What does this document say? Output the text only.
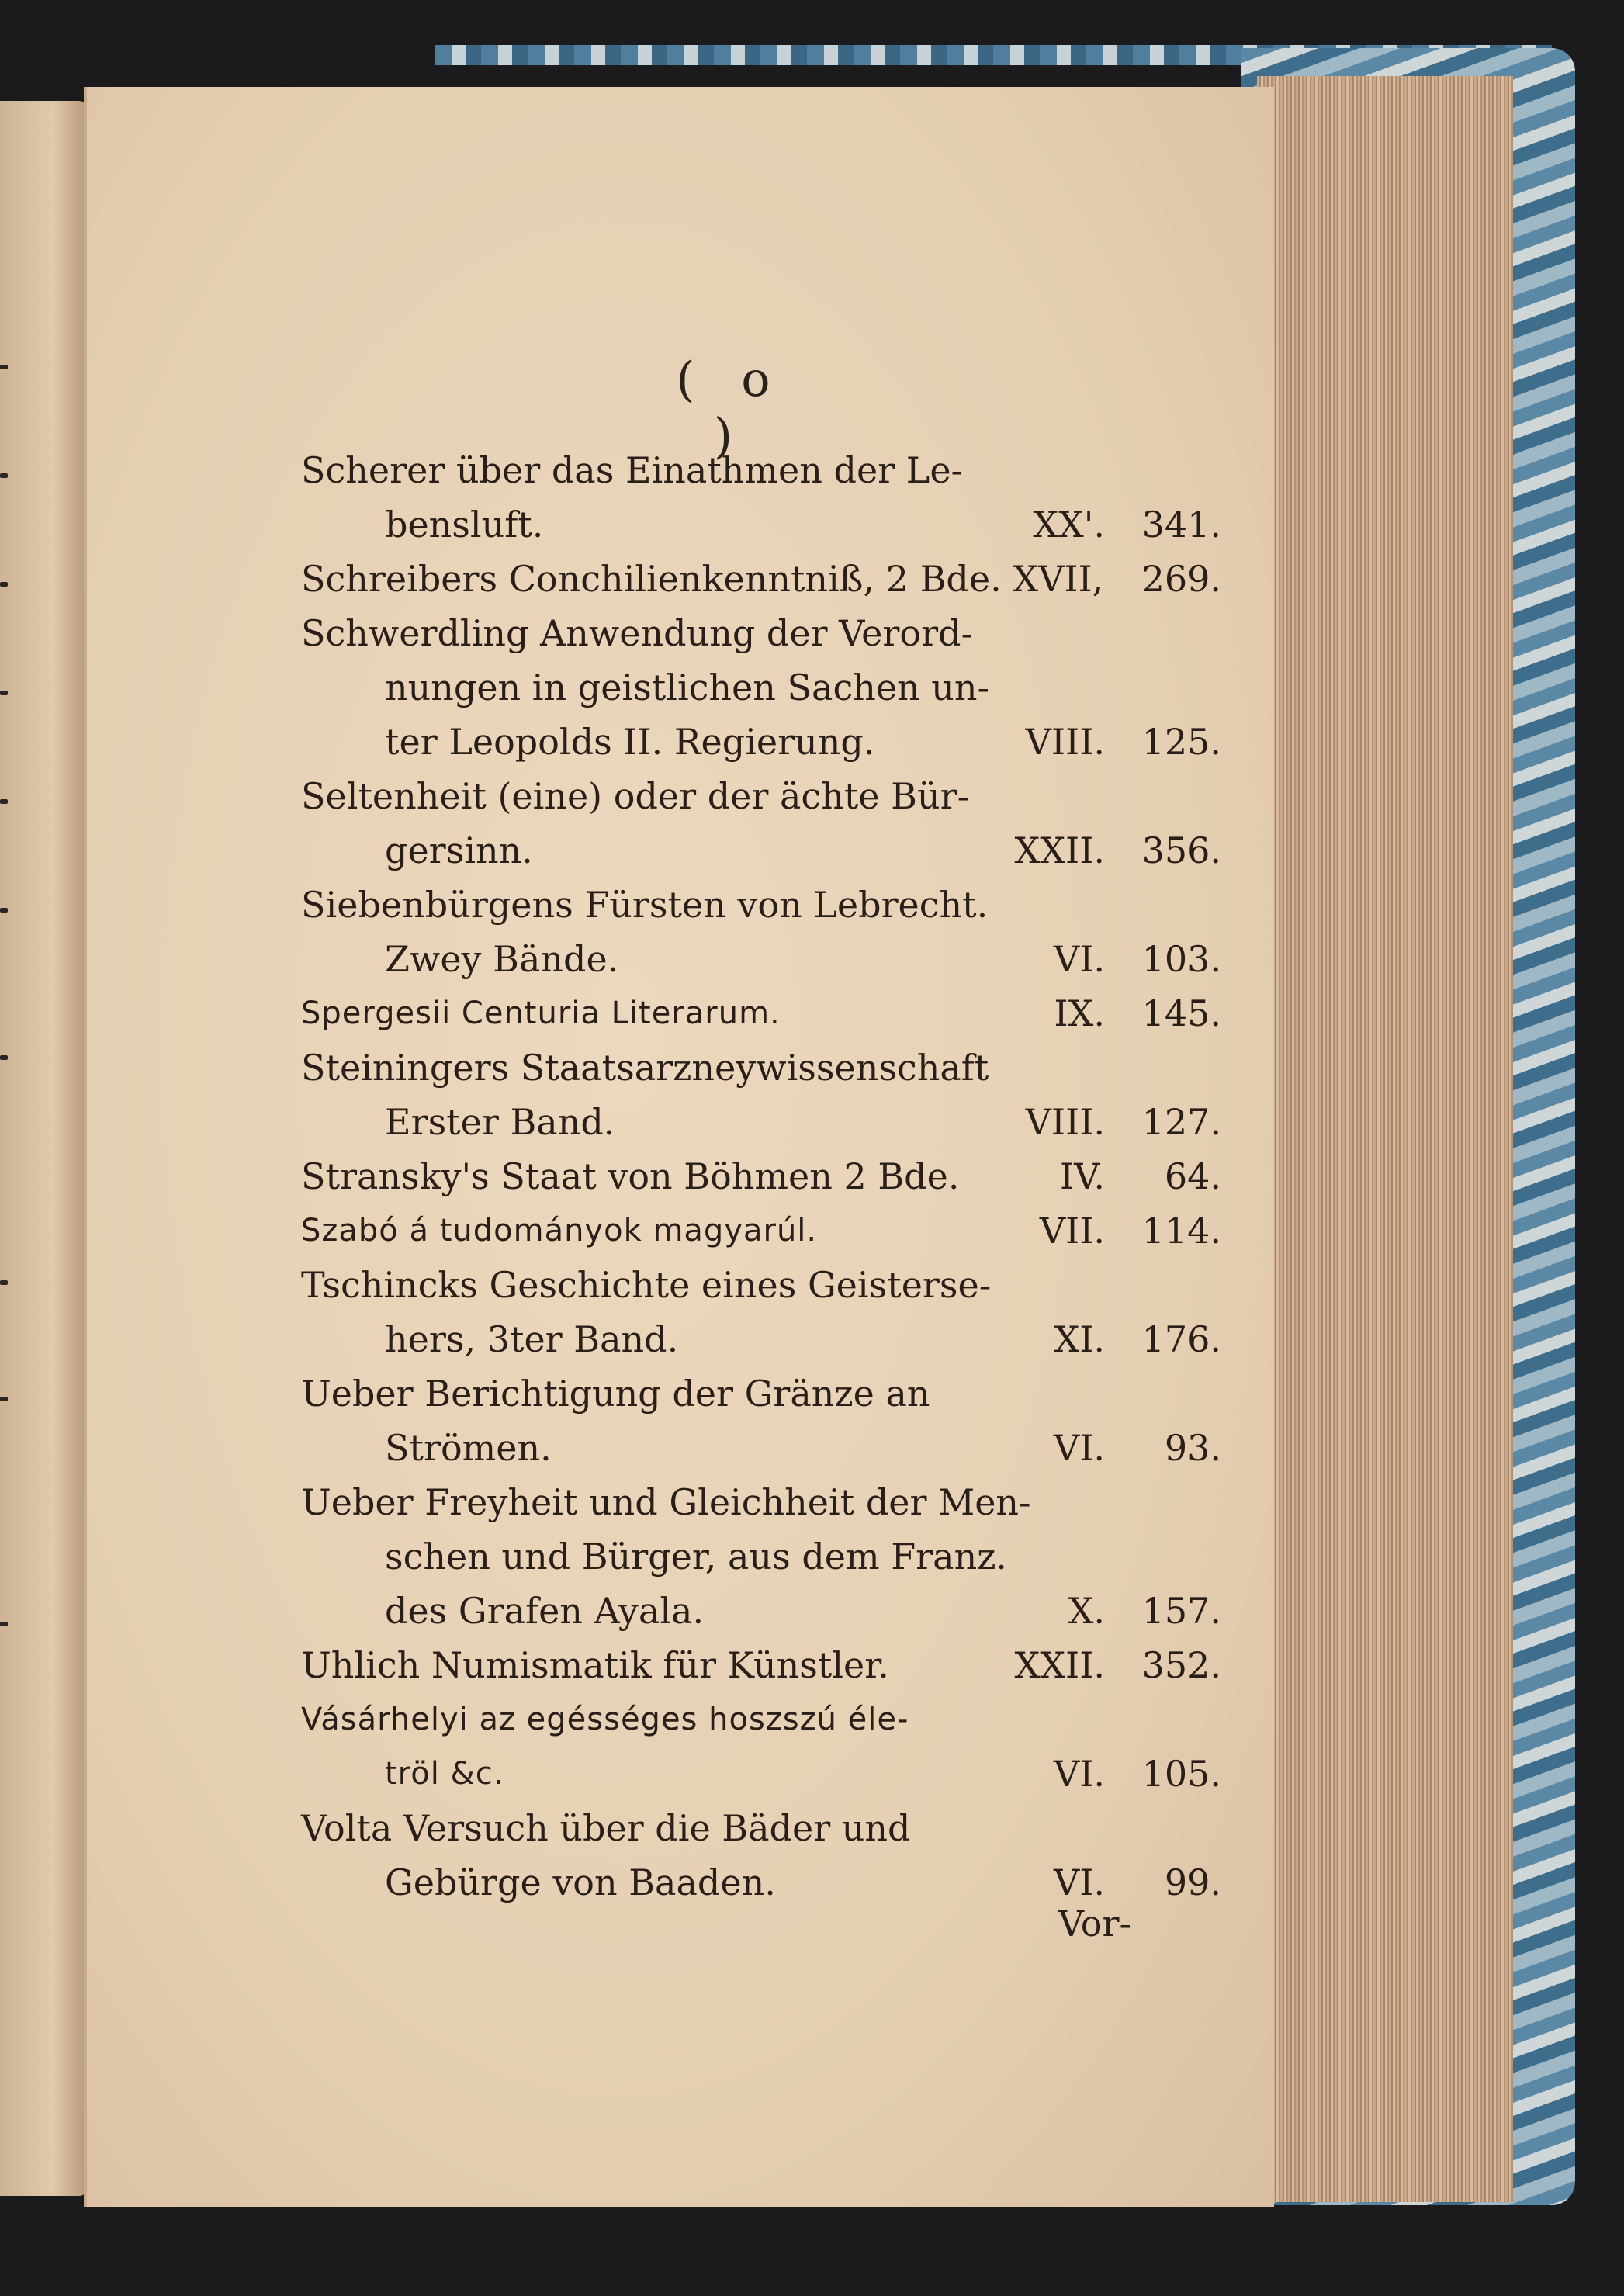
( o )
Scherer über das Einathmen der Le-
bensluft.	XX'.	341.
Schreibers Conchilienkenntniß, 2 Bde. XVII,	269.
Schwerdling Anwendung der Verord-
nungen in geistlichen Sachen un-
ter Leopolds II. Regierung.	VIII.	125.
Seltenheit (eine) oder der ächte Bür-
gersinn.	XXII.	356.
Siebenbürgens Fürsten von Lebrecht.
Zwey Bände.	VI.	103.
Spergesii Centuria Literarum.	IX.	145.
Steiningers Staatsarzneywissenschaft
Erster Band.	VIII.	127.
Stransky's Staat von Böhmen 2 Bde.	IV.	64.
Szabó á tudományok magyarúl.	VII.	114.
Tschincks Geschichte eines Geisterse-
hers, 3ter Band.	XI.	176.
Ueber Berichtigung der Gränze an
Strömen.	VI.	93.
Ueber Freyheit und Gleichheit der Men-
schen und Bürger, aus dem Franz.
des Grafen Ayala.	X.	157.
Uhlich Numismatik für Künstler.	XXII.	352.
Vásárhelyi az egésséges hoszszú éle-
tröl &c.	VI.	105.
Volta Versuch über die Bäder und
Gebürge von Baaden.	VI.	99.
Vor-
